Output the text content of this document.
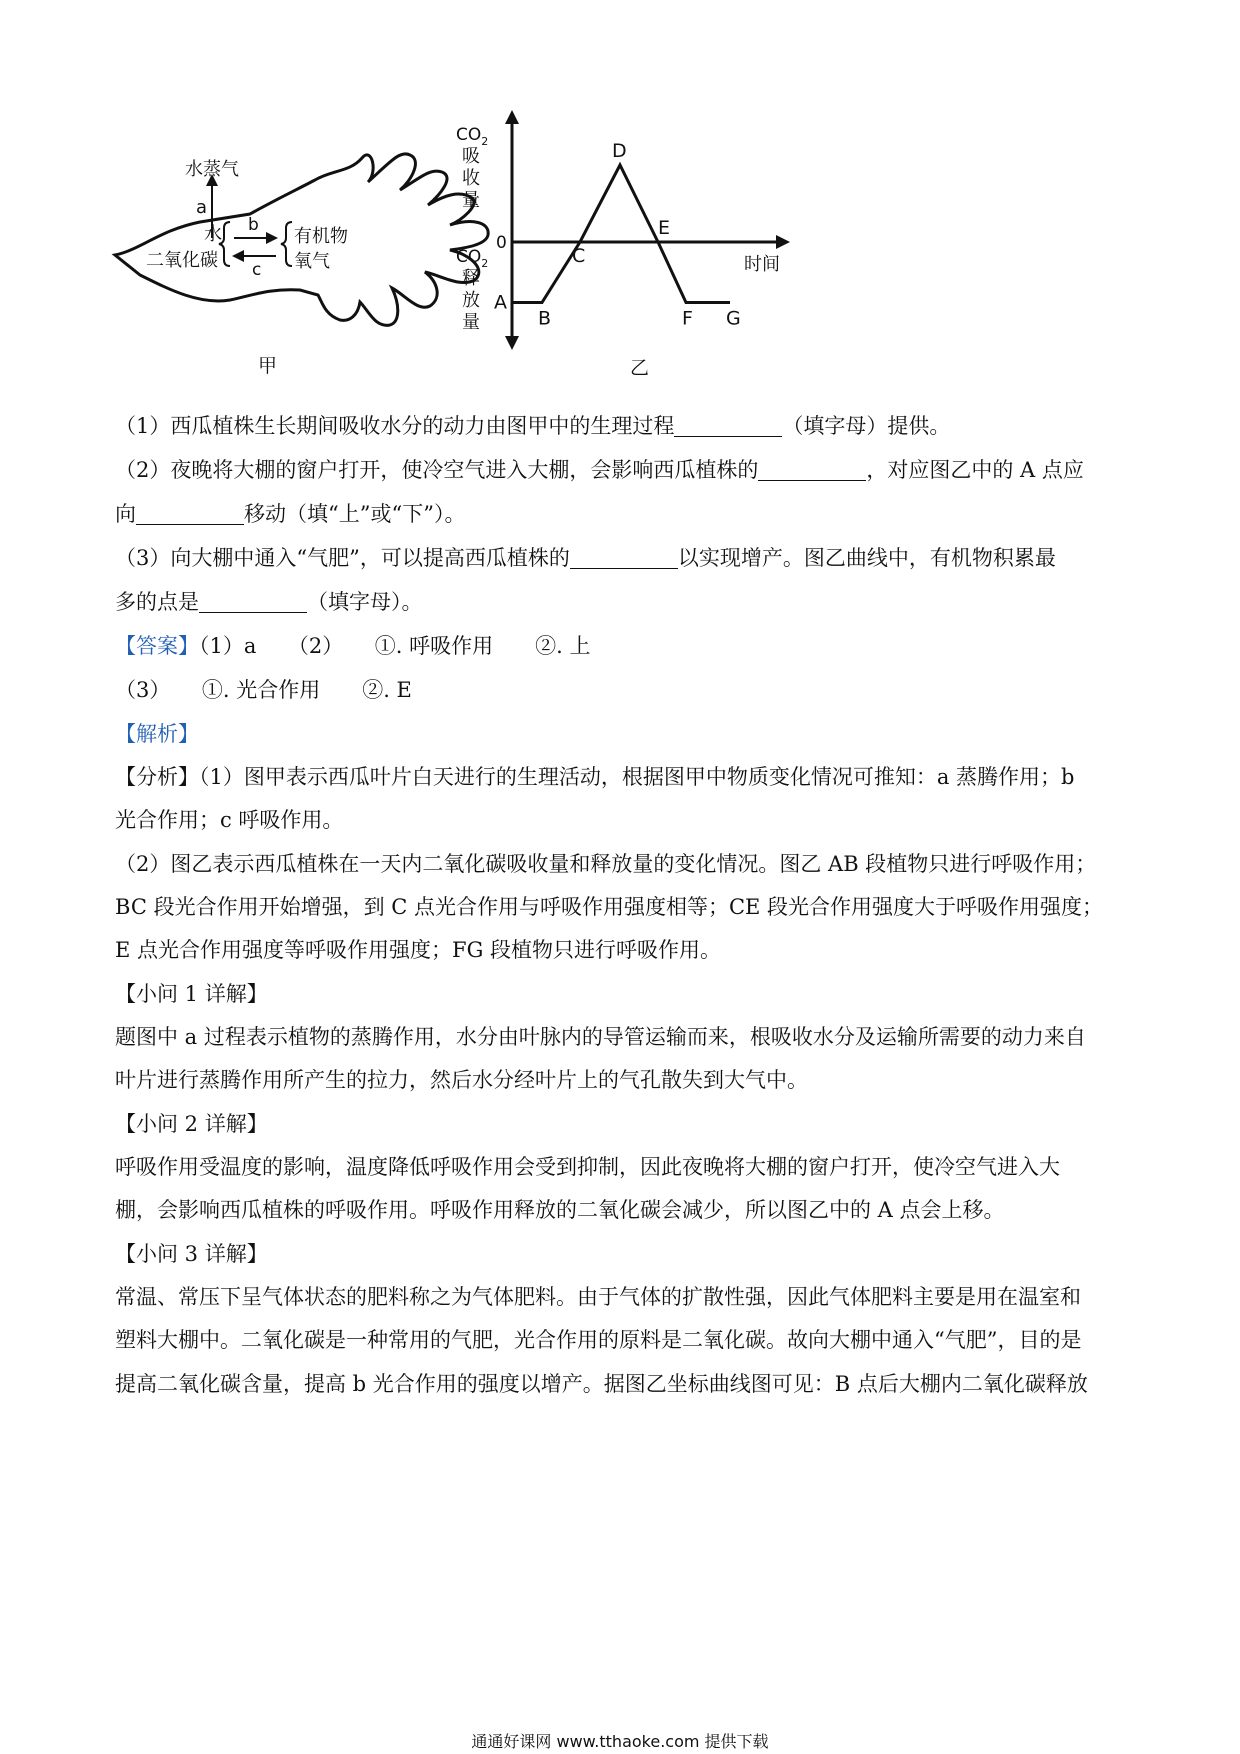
水蒸气
a
水
二氧化碳
b
c
有机物
氧气
甲
$CO_2$
吸
收
量
0
$CO_2$
释
放
量
时间
A
B
C
D
E
F G
乙
（1）西瓜植株生长期间吸收水分的动力由图甲中的生理过程	（填字母）提供。
（2）夜晚将大棚的窗户打开，使冷空气进入大棚，会影响西瓜植株的	，对应图乙中的 A 点应
向	移动（填“上”或“下”）。
（3）向大棚中通入“气肥”，可以提高西瓜植株的	以实现增产。图乙曲线中，有机物积累最
多的点是	（填字母）。
【答案】（1）a　　（2）　　①. 呼吸作用　　②. 上
（3）　　①. 光合作用　　②. E
【解析】
【分析】（1）图甲表示西瓜叶片白天进行的生理活动，根据图甲中物质变化情况可推知：a 蒸腾作用；b
光合作用；c 呼吸作用。
（2）图乙表示西瓜植株在一天内二氧化碳吸收量和释放量的变化情况。图乙 AB 段植物只进行呼吸作用；
BC 段光合作用开始增强，到 C 点光合作用与呼吸作用强度相等；CE 段光合作用强度大于呼吸作用强度；
E 点光合作用强度等呼吸作用强度；FG 段植物只进行呼吸作用。
【小问 1 详解】
题图中 a 过程表示植物的蒸腾作用，水分由叶脉内的导管运输而来，根吸收水分及运输所需要的动力来自
叶片进行蒸腾作用所产生的拉力，然后水分经叶片上的气孔散失到大气中。
【小问 2 详解】
呼吸作用受温度的影响，温度降低呼吸作用会受到抑制，因此夜晚将大棚的窗户打开，使冷空气进入大
棚，会影响西瓜植株的呼吸作用。呼吸作用释放的二氧化碳会减少，所以图乙中的 A 点会上移。
【小问 3 详解】
常温、常压下呈气体状态的肥料称之为气体肥料。由于气体的扩散性强，因此气体肥料主要是用在温室和
塑料大棚中。二氧化碳是一种常用的气肥，光合作用的原料是二氧化碳。故向大棚中通入“气肥”，目的是
提高二氧化碳含量，提高 b 光合作用的强度以增产。据图乙坐标曲线图可见：B 点后大棚内二氧化碳释放
通通好课网 www.tthaoke.com 提供下载
